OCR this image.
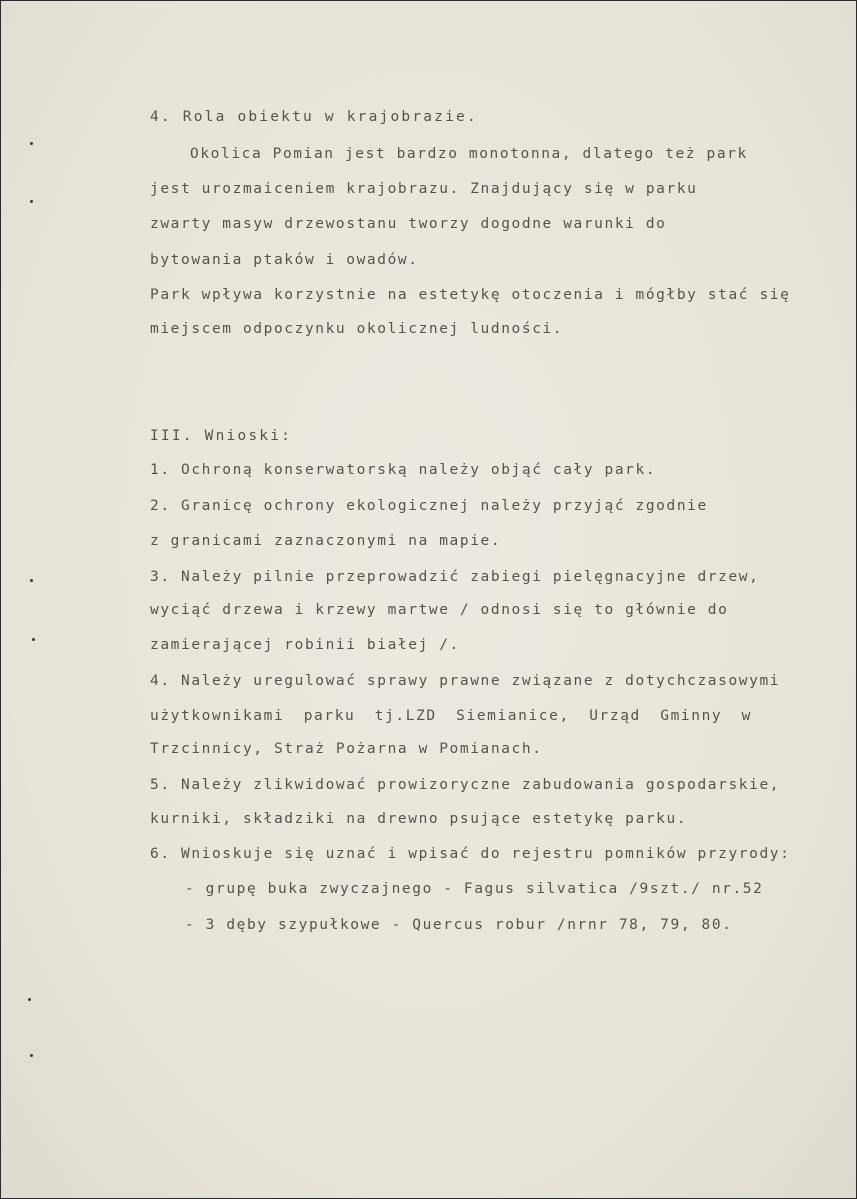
4. Rola obiektu w krajobrazie.
Okolica Pomian jest bardzo monotonna, dlatego też park
jest urozmaiceniem krajobrazu. Znajdujący się w parku
zwarty masyw drzewostanu tworzy dogodne warunki do
bytowania ptaków i owadów.
Park wpływa korzystnie na estetykę otoczenia i mógłby stać się
miejscem odpoczynku okolicznej ludności.
III. Wnioski:
1. Ochroną konserwatorską należy objąć cały park.
2. Granicę ochrony ekologicznej należy przyjąć zgodnie
z granicami zaznaczonymi na mapie.
3. Należy pilnie przeprowadzić zabiegi pielęgnacyjne drzew,
wyciąć drzewa i krzewy martwe / odnosi się to głównie do
zamierającej robinii białej /.
4. Należy uregulować sprawy prawne związane z dotychczasowymi
użytkownikami parku tj.LZD Siemianice, Urząd Gminny w
Trzcinnicy, Straż Pożarna w Pomianach.
5. Należy zlikwidować prowizoryczne zabudowania gospodarskie,
kurniki, składziki na drewno psujące estetykę parku.
6. Wnioskuje się uznać i wpisać do rejestru pomników przyrody:
- grupę buka zwyczajnego - Fagus silvatica /9szt./ nr.52
- 3 dęby szypułkowe - Quercus robur /nrnr 78, 79, 80.
